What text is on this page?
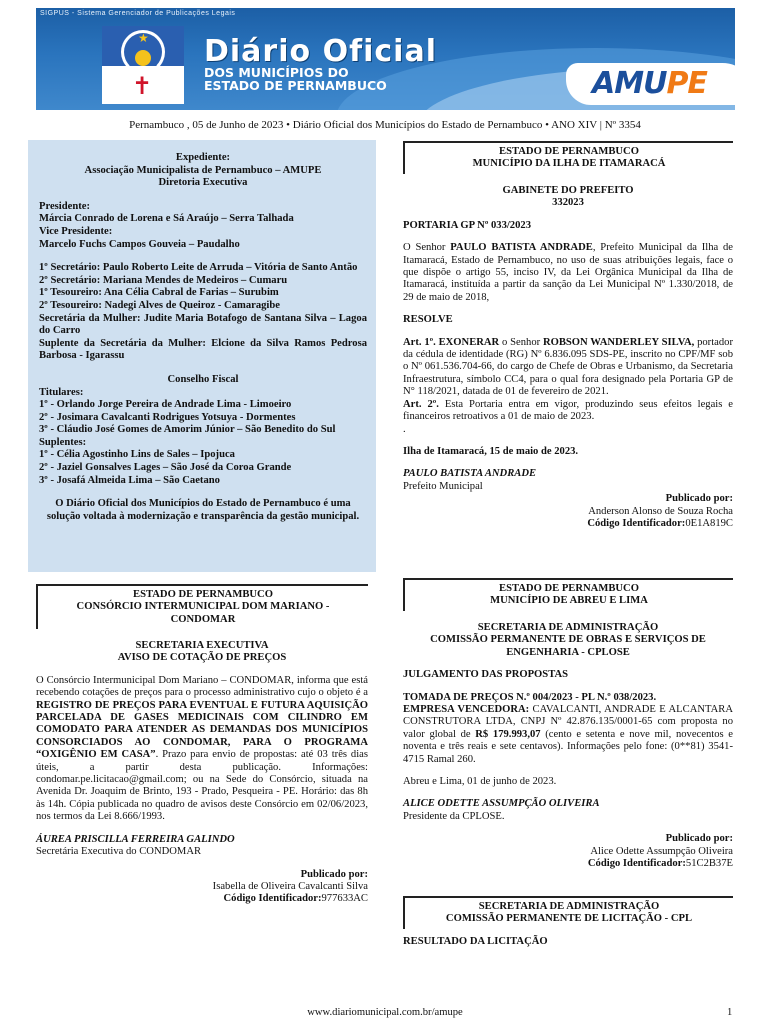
SIGPUS - Sistema Gerenciador de Publicações Legais
★
✝
Diário Oficial
DOS MUNICÍPIOS DO
ESTADO DE PERNAMBUCO	AMUPE
Pernambuco , 05 de Junho de 2023 • Diário Oficial dos Municípios do Estado de Pernambuco • ANO XIV | Nº 3354

Expediente:

Associação Municipalista de Pernambuco – AMUPE

Diretoria Executiva

Presidente:

Márcia Conrado de Lorena e Sá Araújo – Serra Talhada

Vice Presidente:

Marcelo Fuchs Campos Gouveia – Paudalho

1º Secretário: Paulo Roberto Leite de Arruda – Vitória de Santo Antão

2º Secretário: Mariana Mendes de Medeiros – Cumaru

1º Tesoureiro: Ana Célia Cabral de Farias – Surubim

2º Tesoureiro: Nadegi Alves de Queiroz - Camaragibe

Secretária da Mulher: Judite Maria Botafogo de Santana Silva – Lagoa do Carro

Suplente da Secretária da Mulher: Elcione da Silva Ramos Pedrosa Barbosa - Igarassu

Conselho Fiscal

Titulares:

1º - Orlando Jorge Pereira de Andrade Lima - Limoeiro

2º - Josimara Cavalcanti Rodrigues Yotsuya - Dormentes

3º - Cláudio José Gomes de Amorim Júnior – São Benedito do Sul

Suplentes:

1º - Célia Agostinho Lins de Sales – Ipojuca

2º - Jaziel Gonsalves Lages – São José da Coroa Grande

3º - Josafá Almeida Lima – São Caetano

O Diário Oficial dos Municípios do Estado de Pernambuco é uma solução voltada à modernização e transparência da gestão municipal.

ESTADO DE PERNAMBUCO
CONSÓRCIO INTERMUNICIPAL DOM MARIANO -
CONDOMAR
SECRETARIA EXECUTIVA
AVISO DE COTAÇÃO DE PREÇOS
O Consórcio Intermunicipal Dom Mariano – CONDOMAR, informa que está recebendo cotações de preços para o processo administrativo cujo o objeto é a REGISTRO DE PREÇOS PARA EVENTUAL E FUTURA AQUISIÇÃO PARCELADA DE GASES MEDICINAIS COM CILINDRO EM COMODATO PARA ATENDER AS DEMANDAS DOS MUNICÍPIOS CONSORCIADOS AO CONDOMAR, PARA O PROGRAMA “OXIGÊNIO EM CASA”. Prazo para envio de propostas: até 03 três dias úteis, a partir desta publicação. Informações: condomar.pe.licitacao@gmail.com; ou na Sede do Consórcio, situada na Avenida Dr. Joaquim de Brinto, 193 - Prado, Pesqueira - PE. Horário: das 8h às 14h. Cópia publicada no quadro de avisos deste Consórcio em 02/06/2023, nos termos da Lei 8.666/1993.
ÁUREA PRISCILLA FERREIRA GALINDO
Secretária Executiva do CONDOMAR
Publicado por:
Isabella de Oliveira Cavalcanti Silva
Código Identificador:977633AC
ESTADO DE PERNAMBUCO
MUNICÍPIO DA ILHA DE ITAMARACÁ
GABINETE DO PREFEITO
332023
PORTARIA GP Nº 033/2023
O Senhor PAULO BATISTA ANDRADE, Prefeito Municipal da Ilha de Itamaracá, Estado de Pernambuco, no uso de suas atribuições legais, face o que dispõe o artigo 55, inciso IV, da Lei Orgânica Municipal da Ilha de Itamaracá, instituída a partir da sanção da Lei Municipal Nº 1.330/2018, de 29 de maio de 2018,
RESOLVE
Art. 1º. EXONERAR o Senhor ROBSON WANDERLEY SILVA, portador da cédula de identidade (RG) Nº 6.836.095 SDS-PE, inscrito no CPF/MF sob o Nº 061.536.704-66, do cargo de Chefe de Obras e Urbanismo, da Secretaria Infraestrutura, símbolo CC4, para o qual fora designado pela Portaria GP de N° 118/2021, datada de 01 de fevereiro de 2021.
Art. 2º. Esta Portaria entra em vigor, produzindo seus efeitos legais e financeiros retroativos a 01 de maio de 2023.
.
Ilha de Itamaracá, 15 de maio de 2023.
PAULO BATISTA ANDRADE
Prefeito Municipal
Publicado por:
Anderson Alonso de Souza Rocha
Código Identificador:0E1A819C
ESTADO DE PERNAMBUCO
MUNICÍPIO DE ABREU E LIMA
SECRETARIA DE ADMINISTRAÇÃO
COMISSÃO PERMANENTE DE OBRAS E SERVIÇOS DE
ENGENHARIA - CPLOSE
JULGAMENTO DAS PROPOSTAS
TOMADA DE PREÇOS N.º 004/2023 - PL N.º 038/2023.
EMPRESA VENCEDORA: CAVALCANTI, ANDRADE E ALCANTARA CONSTRUTORA LTDA, CNPJ Nº 42.876.135/0001-65 com proposta no valor global de R$ 179.993,07 (cento e setenta e nove mil, novecentos e noventa e três reais e sete centavos). Informações pelo fone: (0**81) 3541-4715 Ramal 260.
Abreu e Lima, 01 de junho de 2023.
ALICE ODETTE ASSUMPÇÃO OLIVEIRA
Presidente da CPLOSE.
Publicado por:
Alice Odette Assumpção Oliveira
Código Identificador:51C2B37E
SECRETARIA DE ADMINISTRAÇÃO
COMISSÃO PERMANENTE DE LICITAÇÃO - CPL
RESULTADO DA LICITAÇÃO
www.diariomunicipal.com.br/amupe	1
